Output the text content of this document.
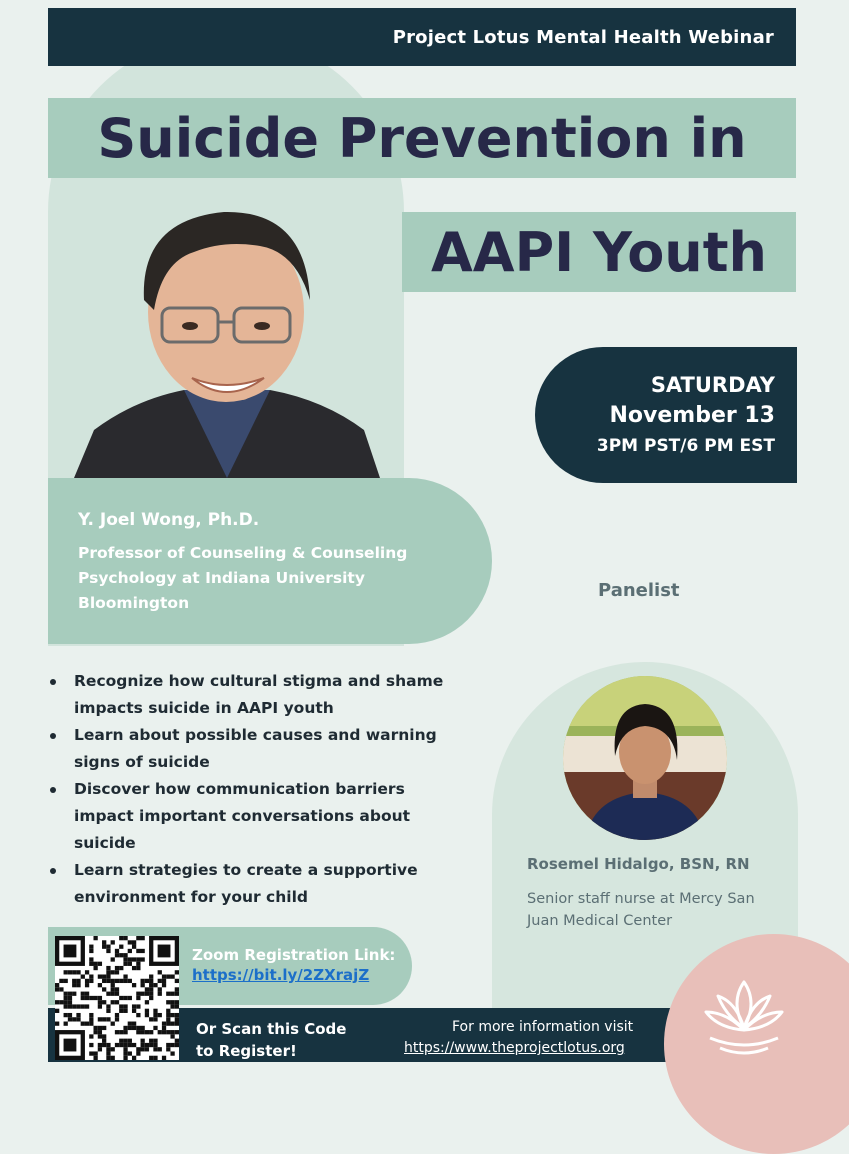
Project Lotus Mental Health Webinar
Suicide Prevention in
AAPI Youth
SATURDAY
November 13
3PM PST/6 PM EST
Y. Joel Wong, Ph.D.
Professor of Counseling & Counseling Psychology at Indiana University Bloomington
Panelist
Rosemel Hidalgo, BSN, RN
Senior staff nurse at Mercy San Juan Medical Center
Recognize how cultural stigma and shame impacts suicide in AAPI youth
Learn about possible causes and warning signs of suicide
Discover how communication barriers impact important conversations about suicide
Learn strategies to create a supportive environment for your child
Zoom Registration Link:
https://bit.ly/2ZXrajZ
Or Scan this Code
to Register!
For more information visit
https://www.theprojectlotus.org
